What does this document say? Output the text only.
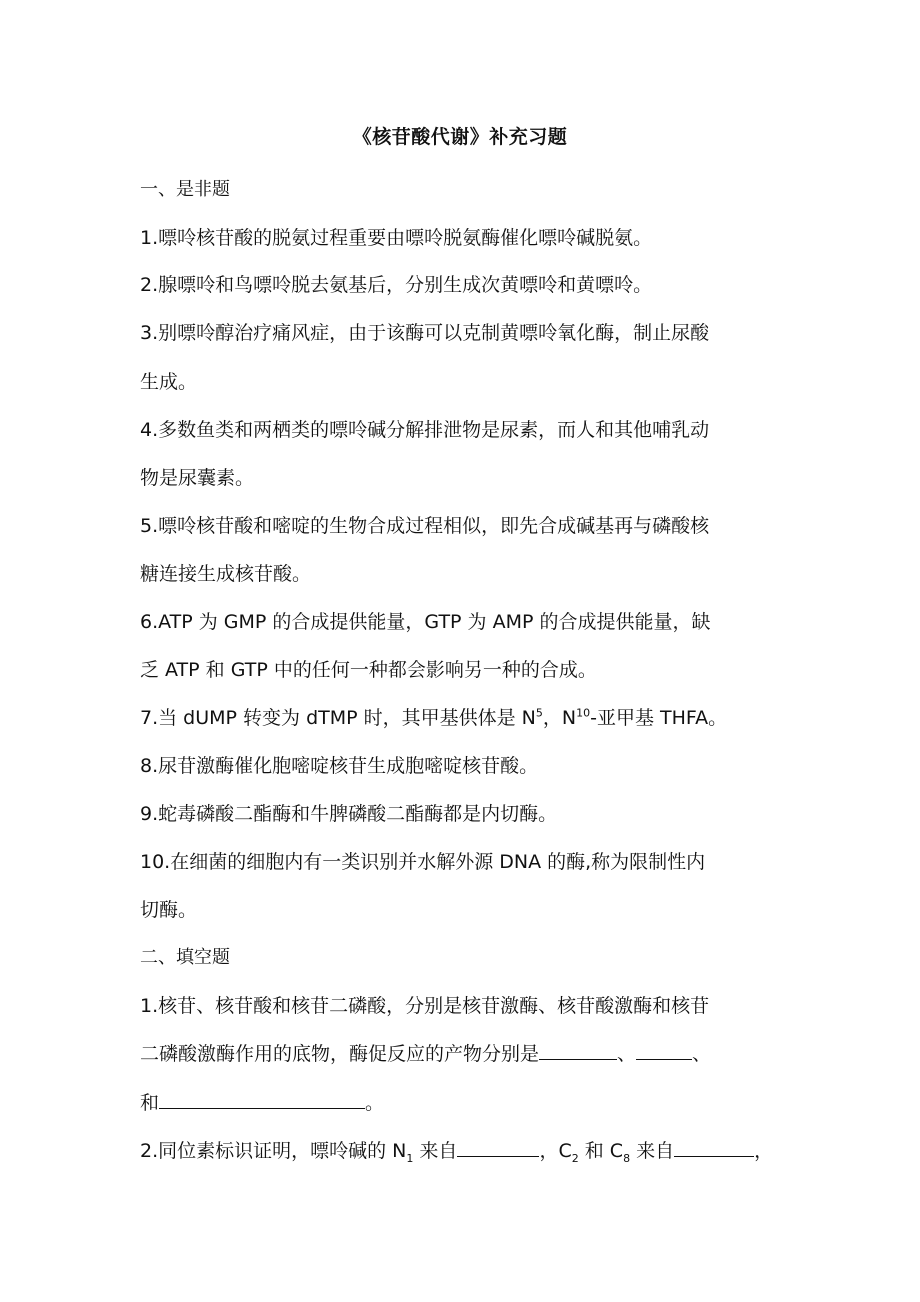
《核苷酸代谢》补充习题
一、是非题
1.嘌呤核苷酸的脱氨过程重要由嘌呤脱氨酶催化嘌呤碱脱氨。
2.腺嘌呤和鸟嘌呤脱去氨基后，分别生成次黄嘌呤和黄嘌呤。
3.别嘌呤醇治疗痛风症，由于该酶可以克制黄嘌呤氧化酶，制止尿酸
生成。
4.多数鱼类和两栖类的嘌呤碱分解排泄物是尿素，而人和其他哺乳动
物是尿囊素。
5.嘌呤核苷酸和嘧啶的生物合成过程相似，即先合成碱基再与磷酸核
糖连接生成核苷酸。
6.ATP 为 GMP 的合成提供能量，GTP 为 AMP 的合成提供能量，缺
乏 ATP 和 GTP 中的任何一种都会影响另一种的合成。
7.当 dUMP 转变为 dTMP 时，其甲基供体是 $N^5$，$N^{10}-$亚甲基 THFA。
8.尿苷激酶催化胞嘧啶核苷生成胞嘧啶核苷酸。
9.蛇毒磷酸二酯酶和牛脾磷酸二酯酶都是内切酶。
10.在细菌的细胞内有一类识别并水解外源 DNA 的酶,称为限制性内
切酶。
二、填空题
1.核苷、核苷酸和核苷二磷酸，分别是核苷激酶、核苷酸激酶和核苷
二磷酸激酶作用的底物，酶促反应的产物分别是	、	、
和	。
2.同位素标识证明，嘌呤碱的 $N_1$ 来自	，$C_2$ 和 $C_8$ 来自	，
